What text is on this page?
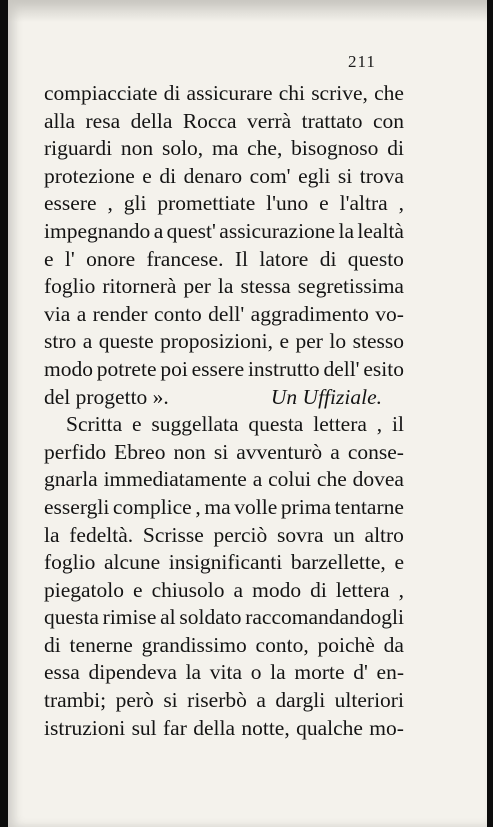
211
compiacciate di assicurare chi scrive, che
alla resa della Rocca verrà trattato con
riguardi non solo, ma che, bisognoso di
protezione e di denaro com' egli si trova
essere , gli promettiate l'uno e l'altra ,
impegnando a quest' assicurazione la lealtà
e l' onore francese. Il latore di questo
foglio ritornerà per la stessa segretissima
via a render conto dell' aggradimento vo-
stro a queste proposizioni, e per lo stesso
modo potrete poi essere instrutto dell' esito
del progetto ».	Un Uffiziale.
Scritta e suggellata questa lettera , il
perfido Ebreo non si avventurò a conse-
gnarla immediatamente a colui che dovea
essergli complice , ma volle prima tentarne
la fedeltà. Scrisse perciò sovra un altro
foglio alcune insignificanti barzellette, e
piegatolo e chiusolo a modo di lettera ,
questa rimise al soldato raccomandandogli
di tenerne grandissimo conto, poichè da
essa dipendeva la vita o la morte d' en-
trambi; però si riserbò a dargli ulteriori
istruzioni sul far della notte, qualche mo-
